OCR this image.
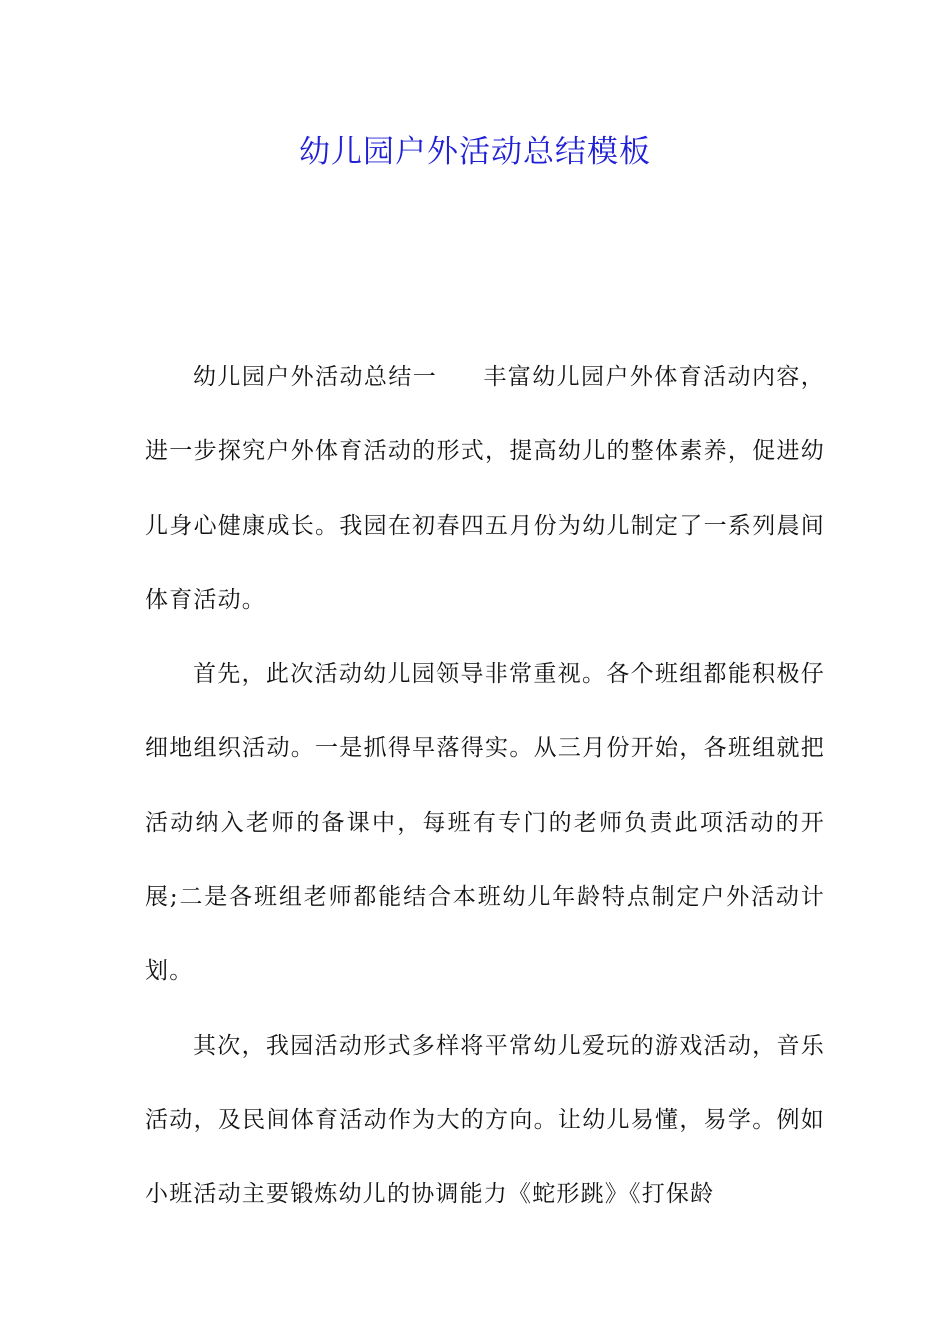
幼儿园户外活动总结模板

幼儿园户外活动总结一 丰富幼儿园户外体育活动内容，进一步探究户外体育活动的形式，提高幼儿的整体素养，促进幼儿身心健康成长。我园在初春四五月份为幼儿制定了一系列晨间体育活动。

首先，此次活动幼儿园领导非常重视。各个班组都能积极仔细地组织活动。一是抓得早落得实。从三月份开始，各班组就把活动纳入老师的备课中，每班有专门的老师负责此项活动的开展;二是各班组老师都能结合本班幼儿年龄特点制定户外活动计划。

其次，我园活动形式多样将平常幼儿爱玩的游戏活动，音乐活动，及民间体育活动作为大的方向。让幼儿易懂，易学。例如小班活动主要锻炼幼儿的协调能力《蛇形跳》《打保龄
